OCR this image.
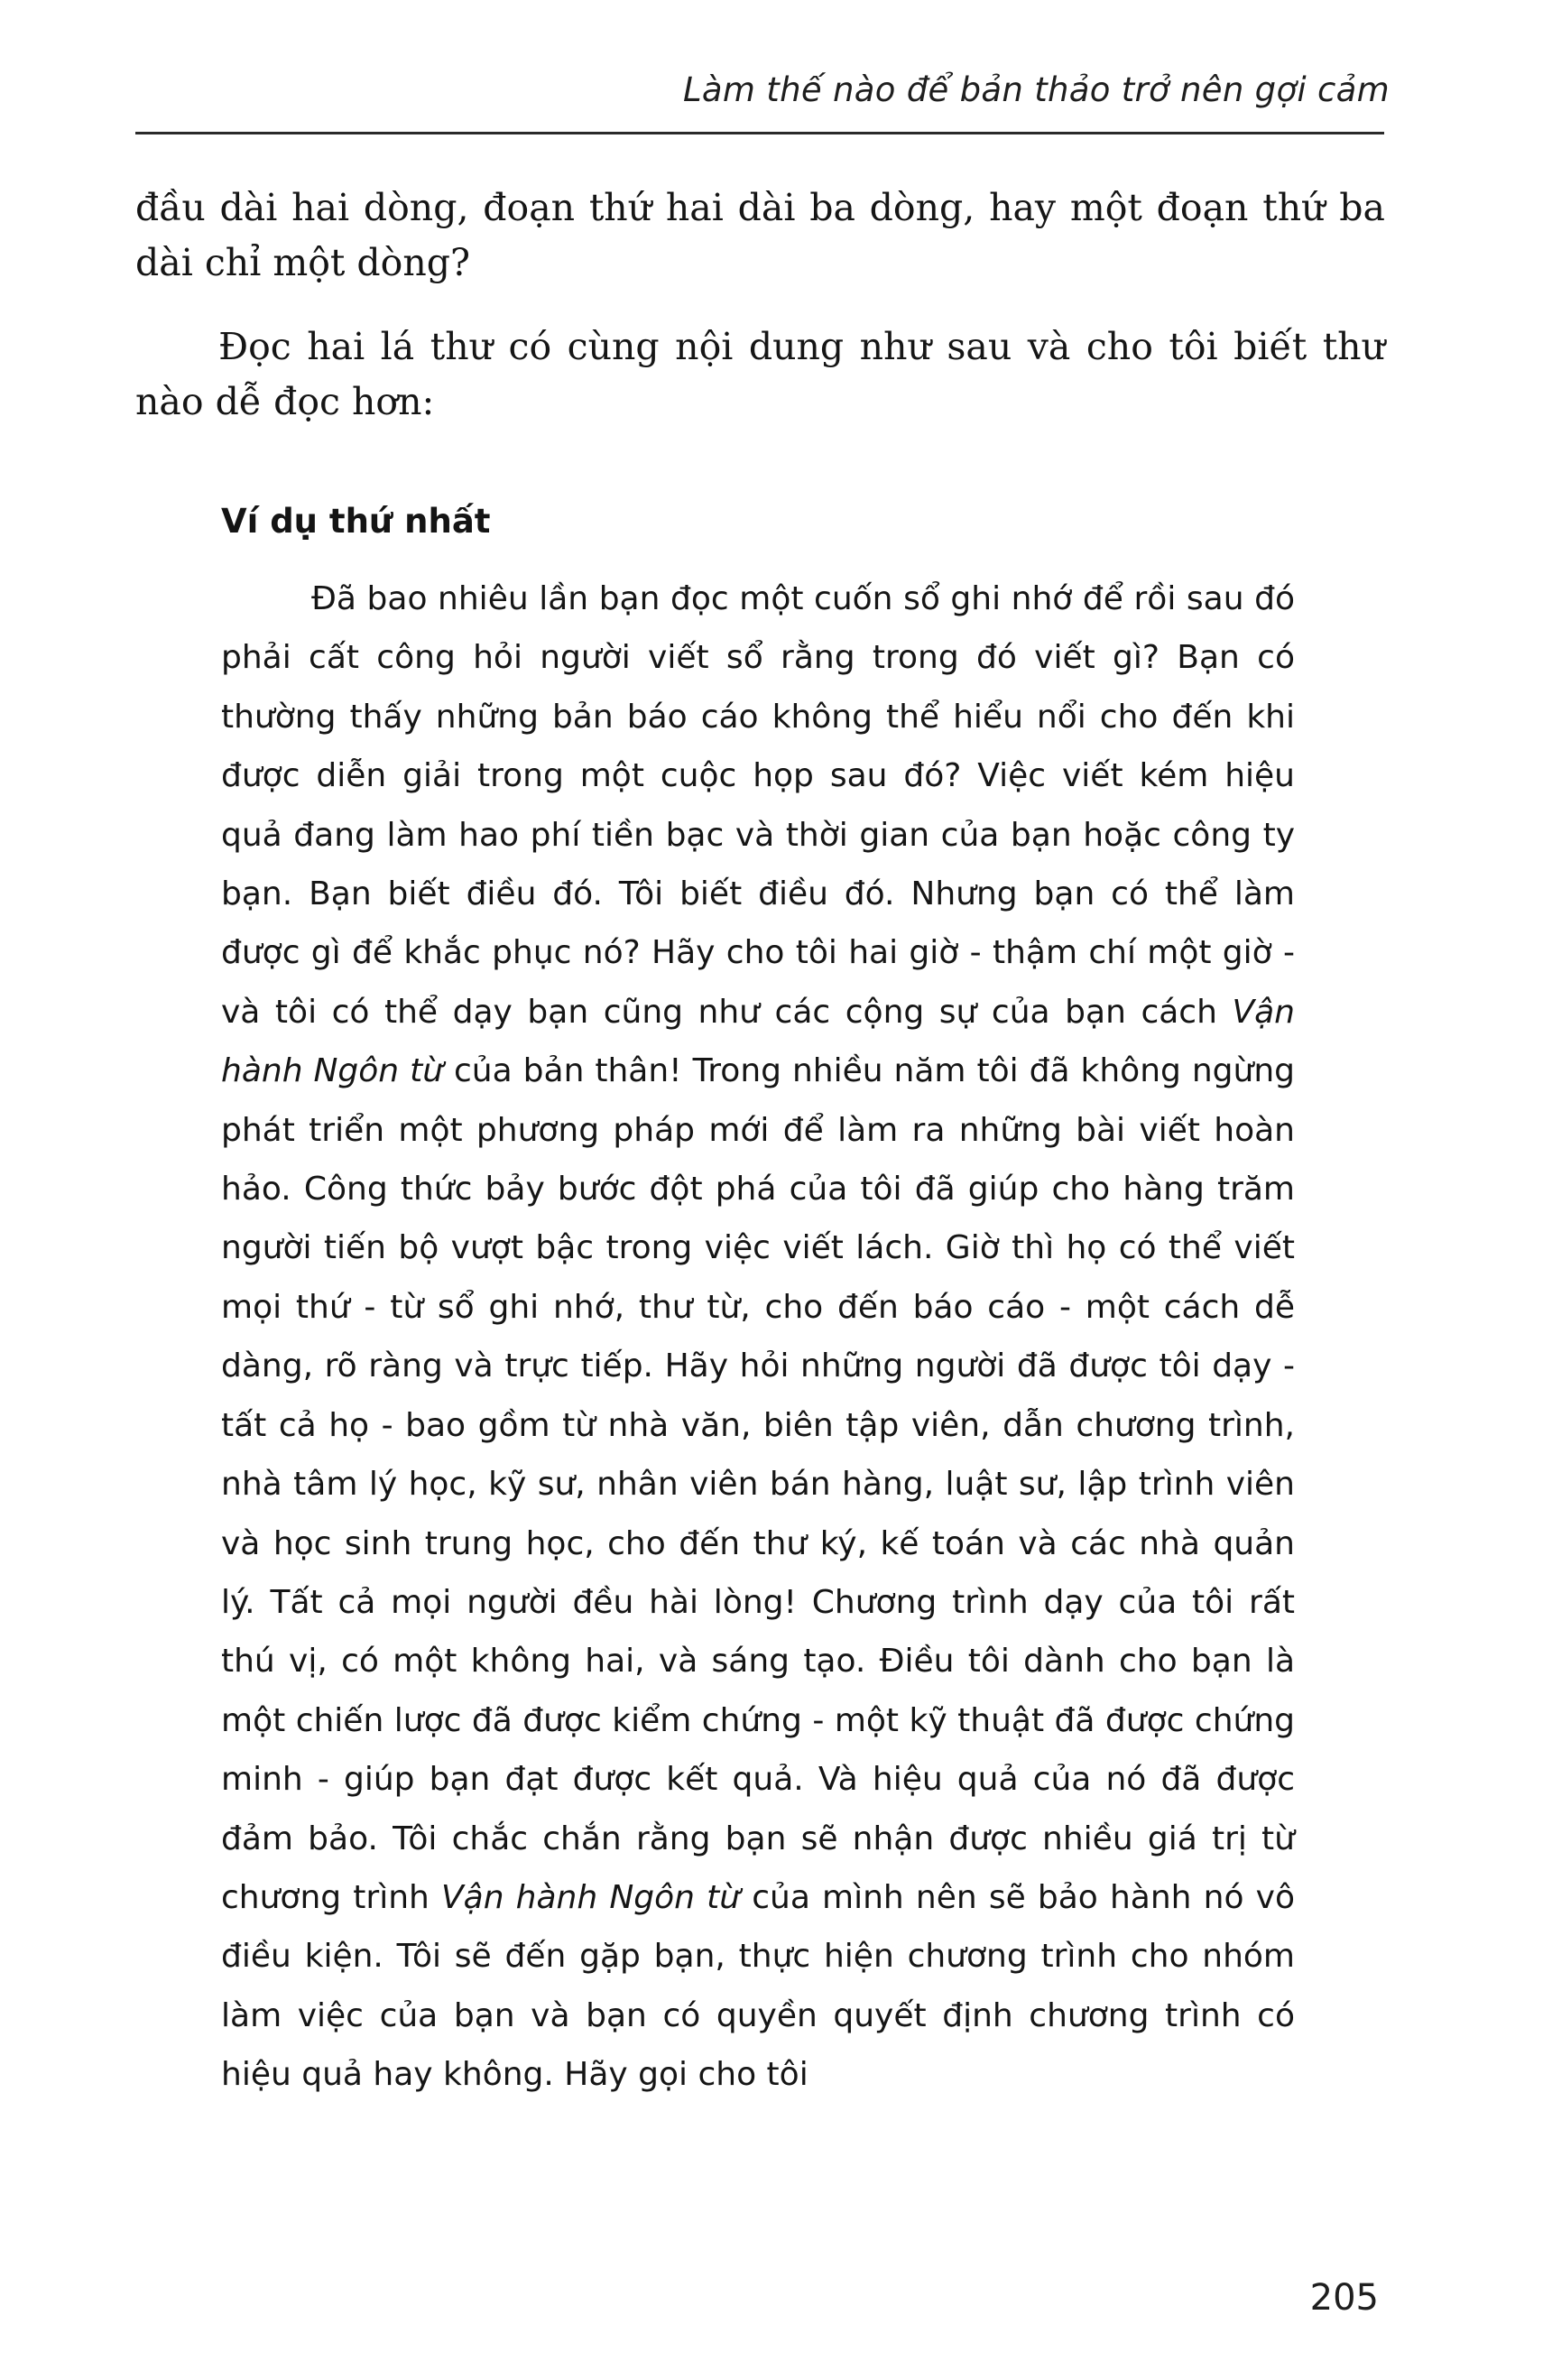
Làm thế nào để bản thảo trở nên gợi cảm

đầu dài hai dòng, đoạn thứ hai dài ba dòng, hay một đoạn thứ ba dài chỉ một dòng?

Đọc hai lá thư có cùng nội dung như sau và cho tôi biết thư nào dễ đọc hơn:

Ví dụ thứ nhất

Đã bao nhiêu lần bạn đọc một cuốn sổ ghi nhớ để rồi sau đó phải cất công hỏi người viết sổ rằng trong đó viết gì? Bạn có thường thấy những bản báo cáo không thể hiểu nổi cho đến khi được diễn giải trong một cuộc họp sau đó? Việc viết kém hiệu quả đang làm hao phí tiền bạc và thời gian của bạn hoặc công ty bạn. Bạn biết điều đó. Tôi biết điều đó. Nhưng bạn có thể làm được gì để khắc phục nó? Hãy cho tôi hai giờ - thậm chí một giờ - và tôi có thể dạy bạn cũng như các cộng sự của bạn cách Vận hành Ngôn từ của bản thân! Trong nhiều năm tôi đã không ngừng phát triển một phương pháp mới để làm ra những bài viết hoàn hảo. Công thức bảy bước đột phá của tôi đã giúp cho hàng trăm người tiến bộ vượt bậc trong việc viết lách. Giờ thì họ có thể viết mọi thứ - từ sổ ghi nhớ, thư từ, cho đến báo cáo - một cách dễ dàng, rõ ràng và trực tiếp. Hãy hỏi những người đã được tôi dạy - tất cả họ - bao gồm từ nhà văn, biên tập viên, dẫn chương trình, nhà tâm lý học, kỹ sư, nhân viên bán hàng, luật sư, lập trình viên và học sinh trung học, cho đến thư ký, kế toán và các nhà quản lý. Tất cả mọi người đều hài lòng! Chương trình dạy của tôi rất thú vị, có một không hai, và sáng tạo. Điều tôi dành cho bạn là một chiến lược đã được kiểm chứng - một kỹ thuật đã được chứng minh - giúp bạn đạt được kết quả. Và hiệu quả của nó đã được đảm bảo. Tôi chắc chắn rằng bạn sẽ nhận được nhiều giá trị từ chương trình Vận hành Ngôn từ của mình nên sẽ bảo hành nó vô điều kiện. Tôi sẽ đến gặp bạn, thực hiện chương trình cho nhóm làm việc của bạn và bạn có quyền quyết định chương trình có hiệu quả hay không. Hãy gọi cho tôi

205
